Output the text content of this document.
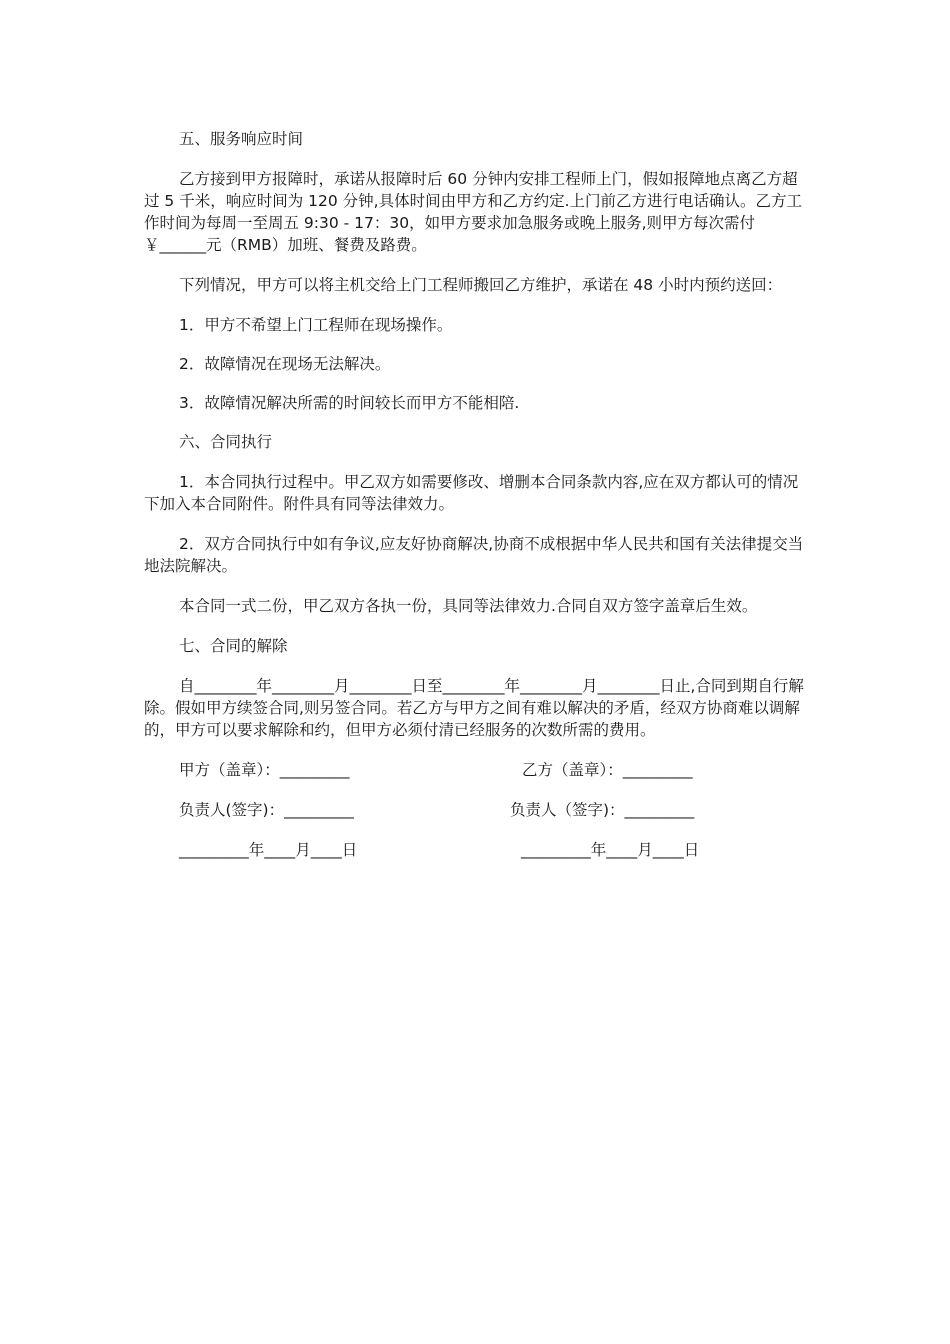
五、服务响应时间

乙方接到甲方报障时，承诺从报障时后 60 分钟内安排工程师上门，假如报障地点离乙方超过 5 千米，响应时间为 120 分钟,具体时间由甲方和乙方约定.上门前乙方进行电话确认。乙方工作时间为每周一至周五 9:30 - 17：30，如甲方要求加急服务或晚上服务,则甲方每次需付￥______元（RMB）加班、餐费及路费。

下列情况，甲方可以将主机交给上门工程师搬回乙方维护，承诺在 48 小时内预约送回：

1．甲方不希望上门工程师在现场操作。

2．故障情况在现场无法解决。

3．故障情况解决所需的时间较长而甲方不能相陪.

六、合同执行

1．本合同执行过程中。甲乙双方如需要修改、增删本合同条款内容,应在双方都认可的情况下加入本合同附件。附件具有同等法律效力。

2．双方合同执行中如有争议,应友好协商解决,协商不成根据中华人民共和国有关法律提交当地法院解决。

本合同一式二份，甲乙双方各执一份，具同等法律效力.合同自双方签字盖章后生效。

七、合同的解除

自________年________月________日至________年________月________日止,合同到期自行解除。假如甲方续签合同,则另签合同。若乙方与甲方之间有难以解决的矛盾，经双方协商难以调解的，甲方可以要求解除和约，但甲方必须付清已经服务的次数所需的费用。

甲方（盖章）：_________	乙方（盖章）：_________
负责人(签字)：_________	负责人（签字)：_________
_________年____月____日	_________年____月____日
